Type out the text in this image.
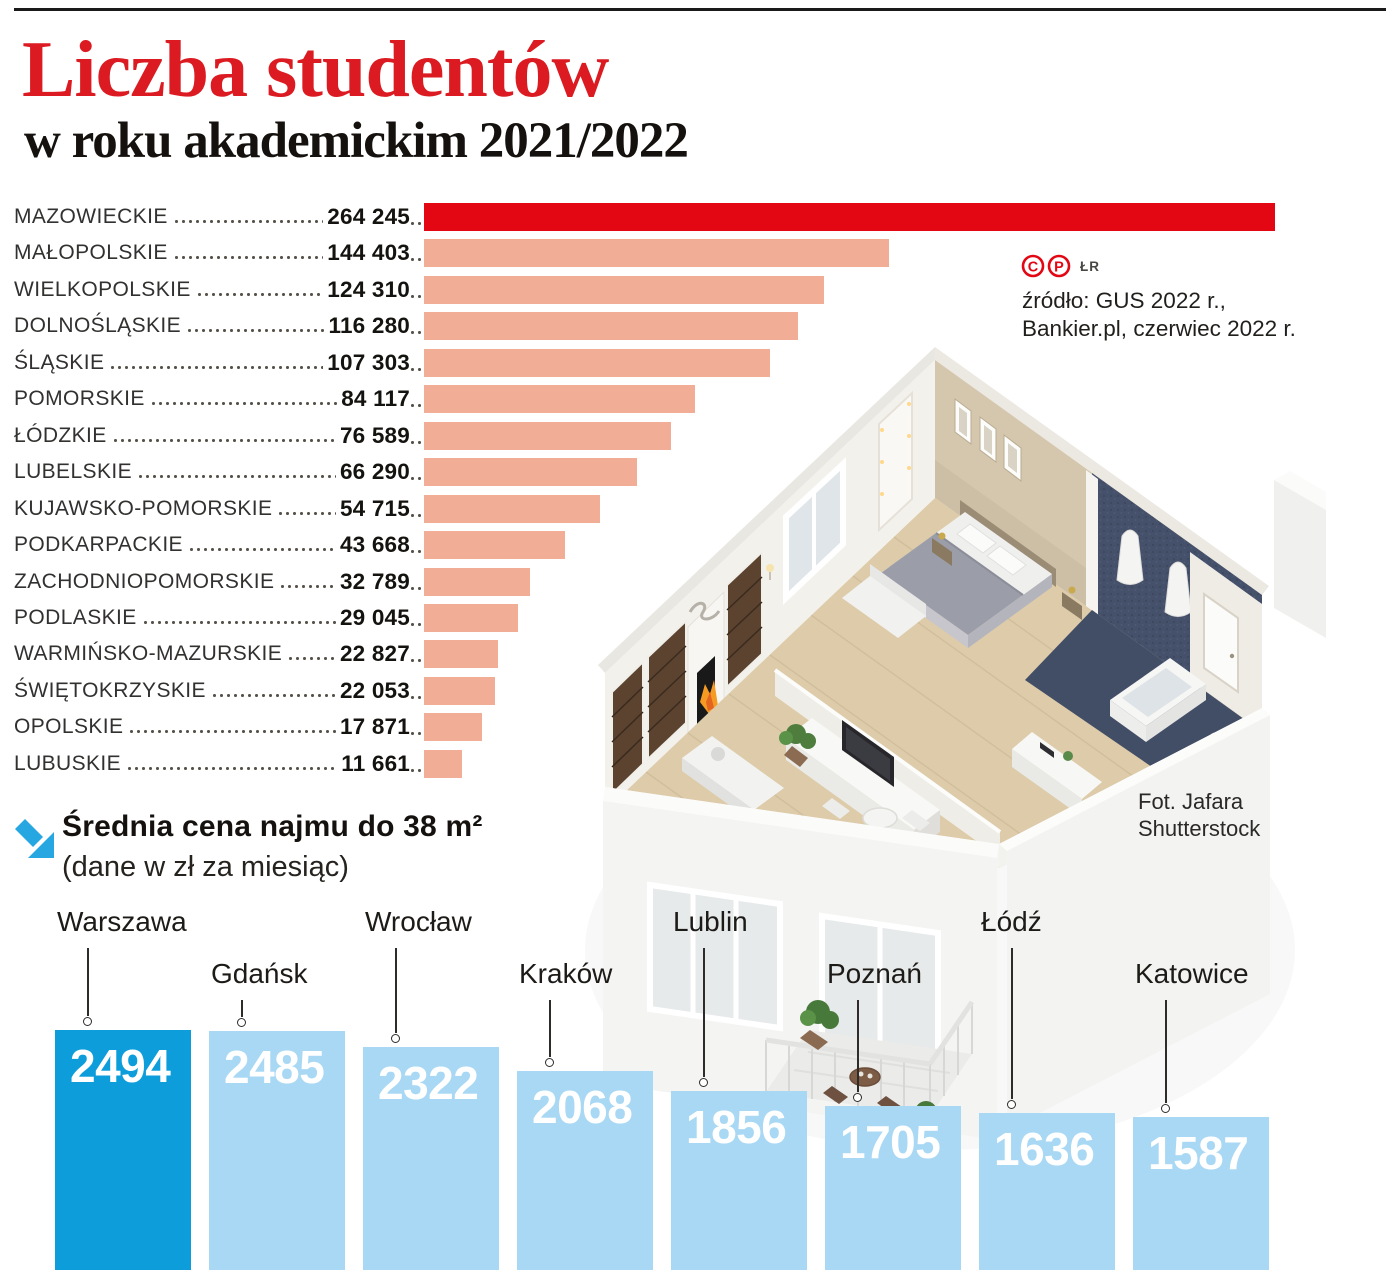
Liczba studentów
w roku akademickim 2021/2022
MAZOWIECKIE	264 245
MAŁOPOLSKIE	144 403
WIELKOPOLSKIE	124 310
DOLNOŚLĄSKIE	116 280
ŚLĄSKIE	107 303
POMORSKIE	84 117
ŁÓDZKIE	76 589
LUBELSKIE	66 290
KUJAWSKO-POMORSKIE	54 715
PODKARPACKIE	43 668
ZACHODNIOPOMORSKIE	32 789
PODLASKIE	29 045
WARMIŃSKO-MAZURSKIE	22 827
ŚWIĘTOKRZYSKIE	22 053
OPOLSKIE	17 871
LUBUSKIE	11 661
C P ŁR
źródło: GUS 2022 r.,
Bankier.pl, czerwiec 2022 r.
Fot. Jafara
Shutterstock
Średnia cena najmu do 38 m²
(dane w zł za miesiąc)
2494
Warszawa
2485
Gdańsk
2322
Wrocław
2068
Kraków
1856
Lublin
1705
Poznań
1636
Łódź
1587
Katowice
